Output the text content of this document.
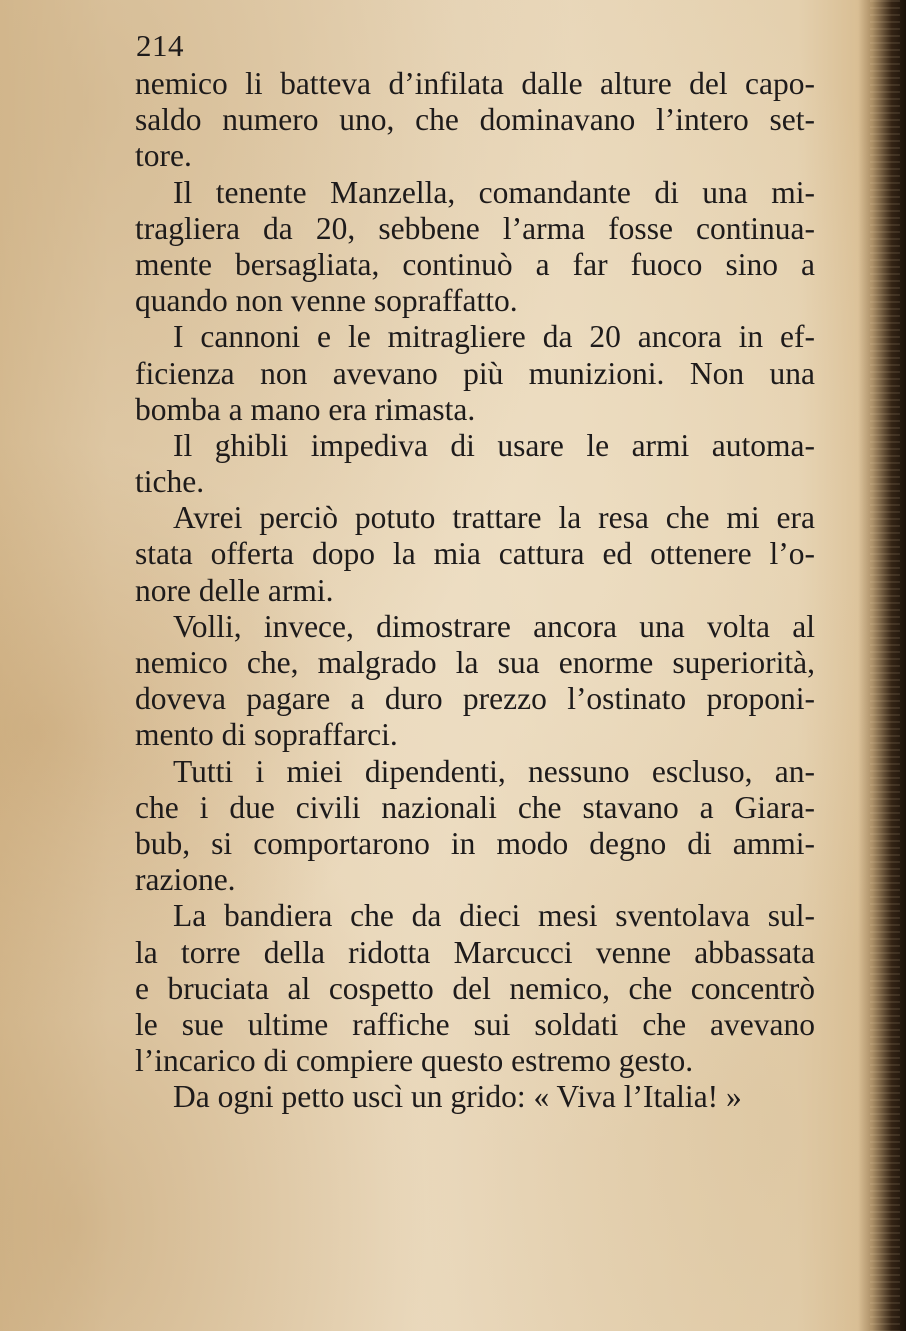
214
nemico li batteva d’infilata dalle alture del capo-
saldo numero uno, che dominavano l’intero set-
tore.
Il tenente Manzella, comandante di una mi-
tragliera da 20, sebbene l’arma fosse continua-
mente bersagliata, continuò a far fuoco sino a
quando non venne sopraffatto.
I cannoni e le mitragliere da 20 ancora in ef-
ficienza non avevano più munizioni. Non una
bomba a mano era rimasta.
Il ghibli impediva di usare le armi automa-
tiche.
Avrei perciò potuto trattare la resa che mi era
stata offerta dopo la mia cattura ed ottenere l’o-
nore delle armi.
Volli, invece, dimostrare ancora una volta al
nemico che, malgrado la sua enorme superiorità,
doveva pagare a duro prezzo l’ostinato proponi-
mento di sopraffarci.
Tutti i miei dipendenti, nessuno escluso, an-
che i due civili nazionali che stavano a Giara-
bub, si comportarono in modo degno di ammi-
razione.
La bandiera che da dieci mesi sventolava sul-
la torre della ridotta Marcucci venne abbassata
e bruciata al cospetto del nemico, che concentrò
le sue ultime raffiche sui soldati che avevano
l’incarico di compiere questo estremo gesto.
Da ogni petto uscì un grido: « Viva l’Italia! »
